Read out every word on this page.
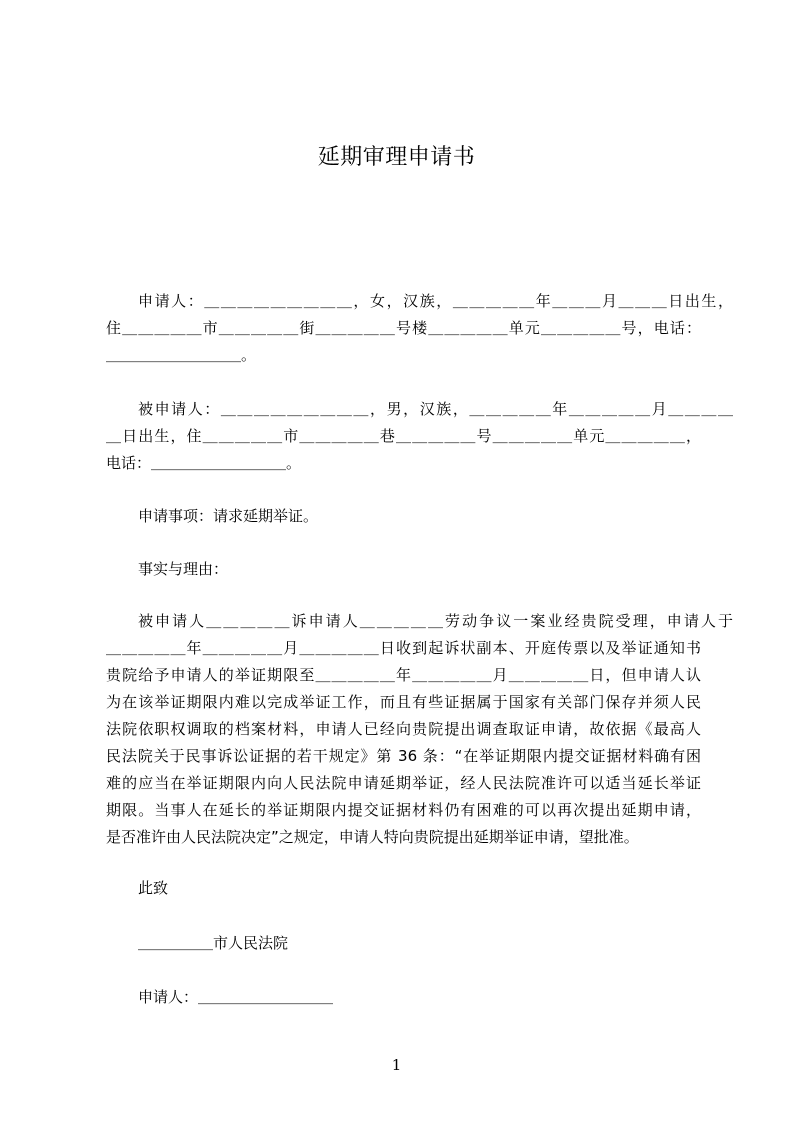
延期审理申请书
申请人：＿＿＿＿＿＿＿＿＿，女，汉族，＿＿＿＿＿年＿＿＿月＿＿＿日出生，
住＿＿＿＿＿市＿＿＿＿＿街＿＿＿＿＿号楼＿＿＿＿＿单元＿＿＿＿＿号，电话：
＿＿＿＿＿＿＿＿＿。
被申请人：＿＿＿＿＿＿＿＿＿，男，汉族，＿＿＿＿＿年＿＿＿＿＿月＿＿＿＿
＿日出生，住＿＿＿＿＿市＿＿＿＿＿巷＿＿＿＿＿号＿＿＿＿＿单元＿＿＿＿＿，
电话：＿＿＿＿＿＿＿＿＿。
申请事项：请求延期举证。
事实与理由：
被申请人＿＿＿＿＿诉申请人＿＿＿＿＿劳动争议一案业经贵院受理，申请人于
＿＿＿＿＿年＿＿＿＿＿月＿＿＿＿＿日收到起诉状副本、开庭传票以及举证通知书
贵院给予申请人的举证期限至＿＿＿＿＿年＿＿＿＿＿月＿＿＿＿＿日，但申请人认
为在该举证期限内难以完成举证工作，而且有些证据属于国家有关部门保存并须人民
法院依职权调取的档案材料，申请人已经向贵院提出调查取证申请，故依据《最高人
民法院关于民事诉讼证据的若干规定》第 36 条：“在举证期限内提交证据材料确有困
难的应当在举证期限内向人民法院申请延期举证，经人民法院准许可以适当延长举证
期限。当事人在延长的举证期限内提交证据材料仍有困难的可以再次提出延期申请，
是否准许由人民法院决定”之规定，申请人特向贵院提出延期举证申请，望批准。
此致
＿＿＿＿＿市人民法院
申请人：＿＿＿＿＿＿＿＿＿
1
